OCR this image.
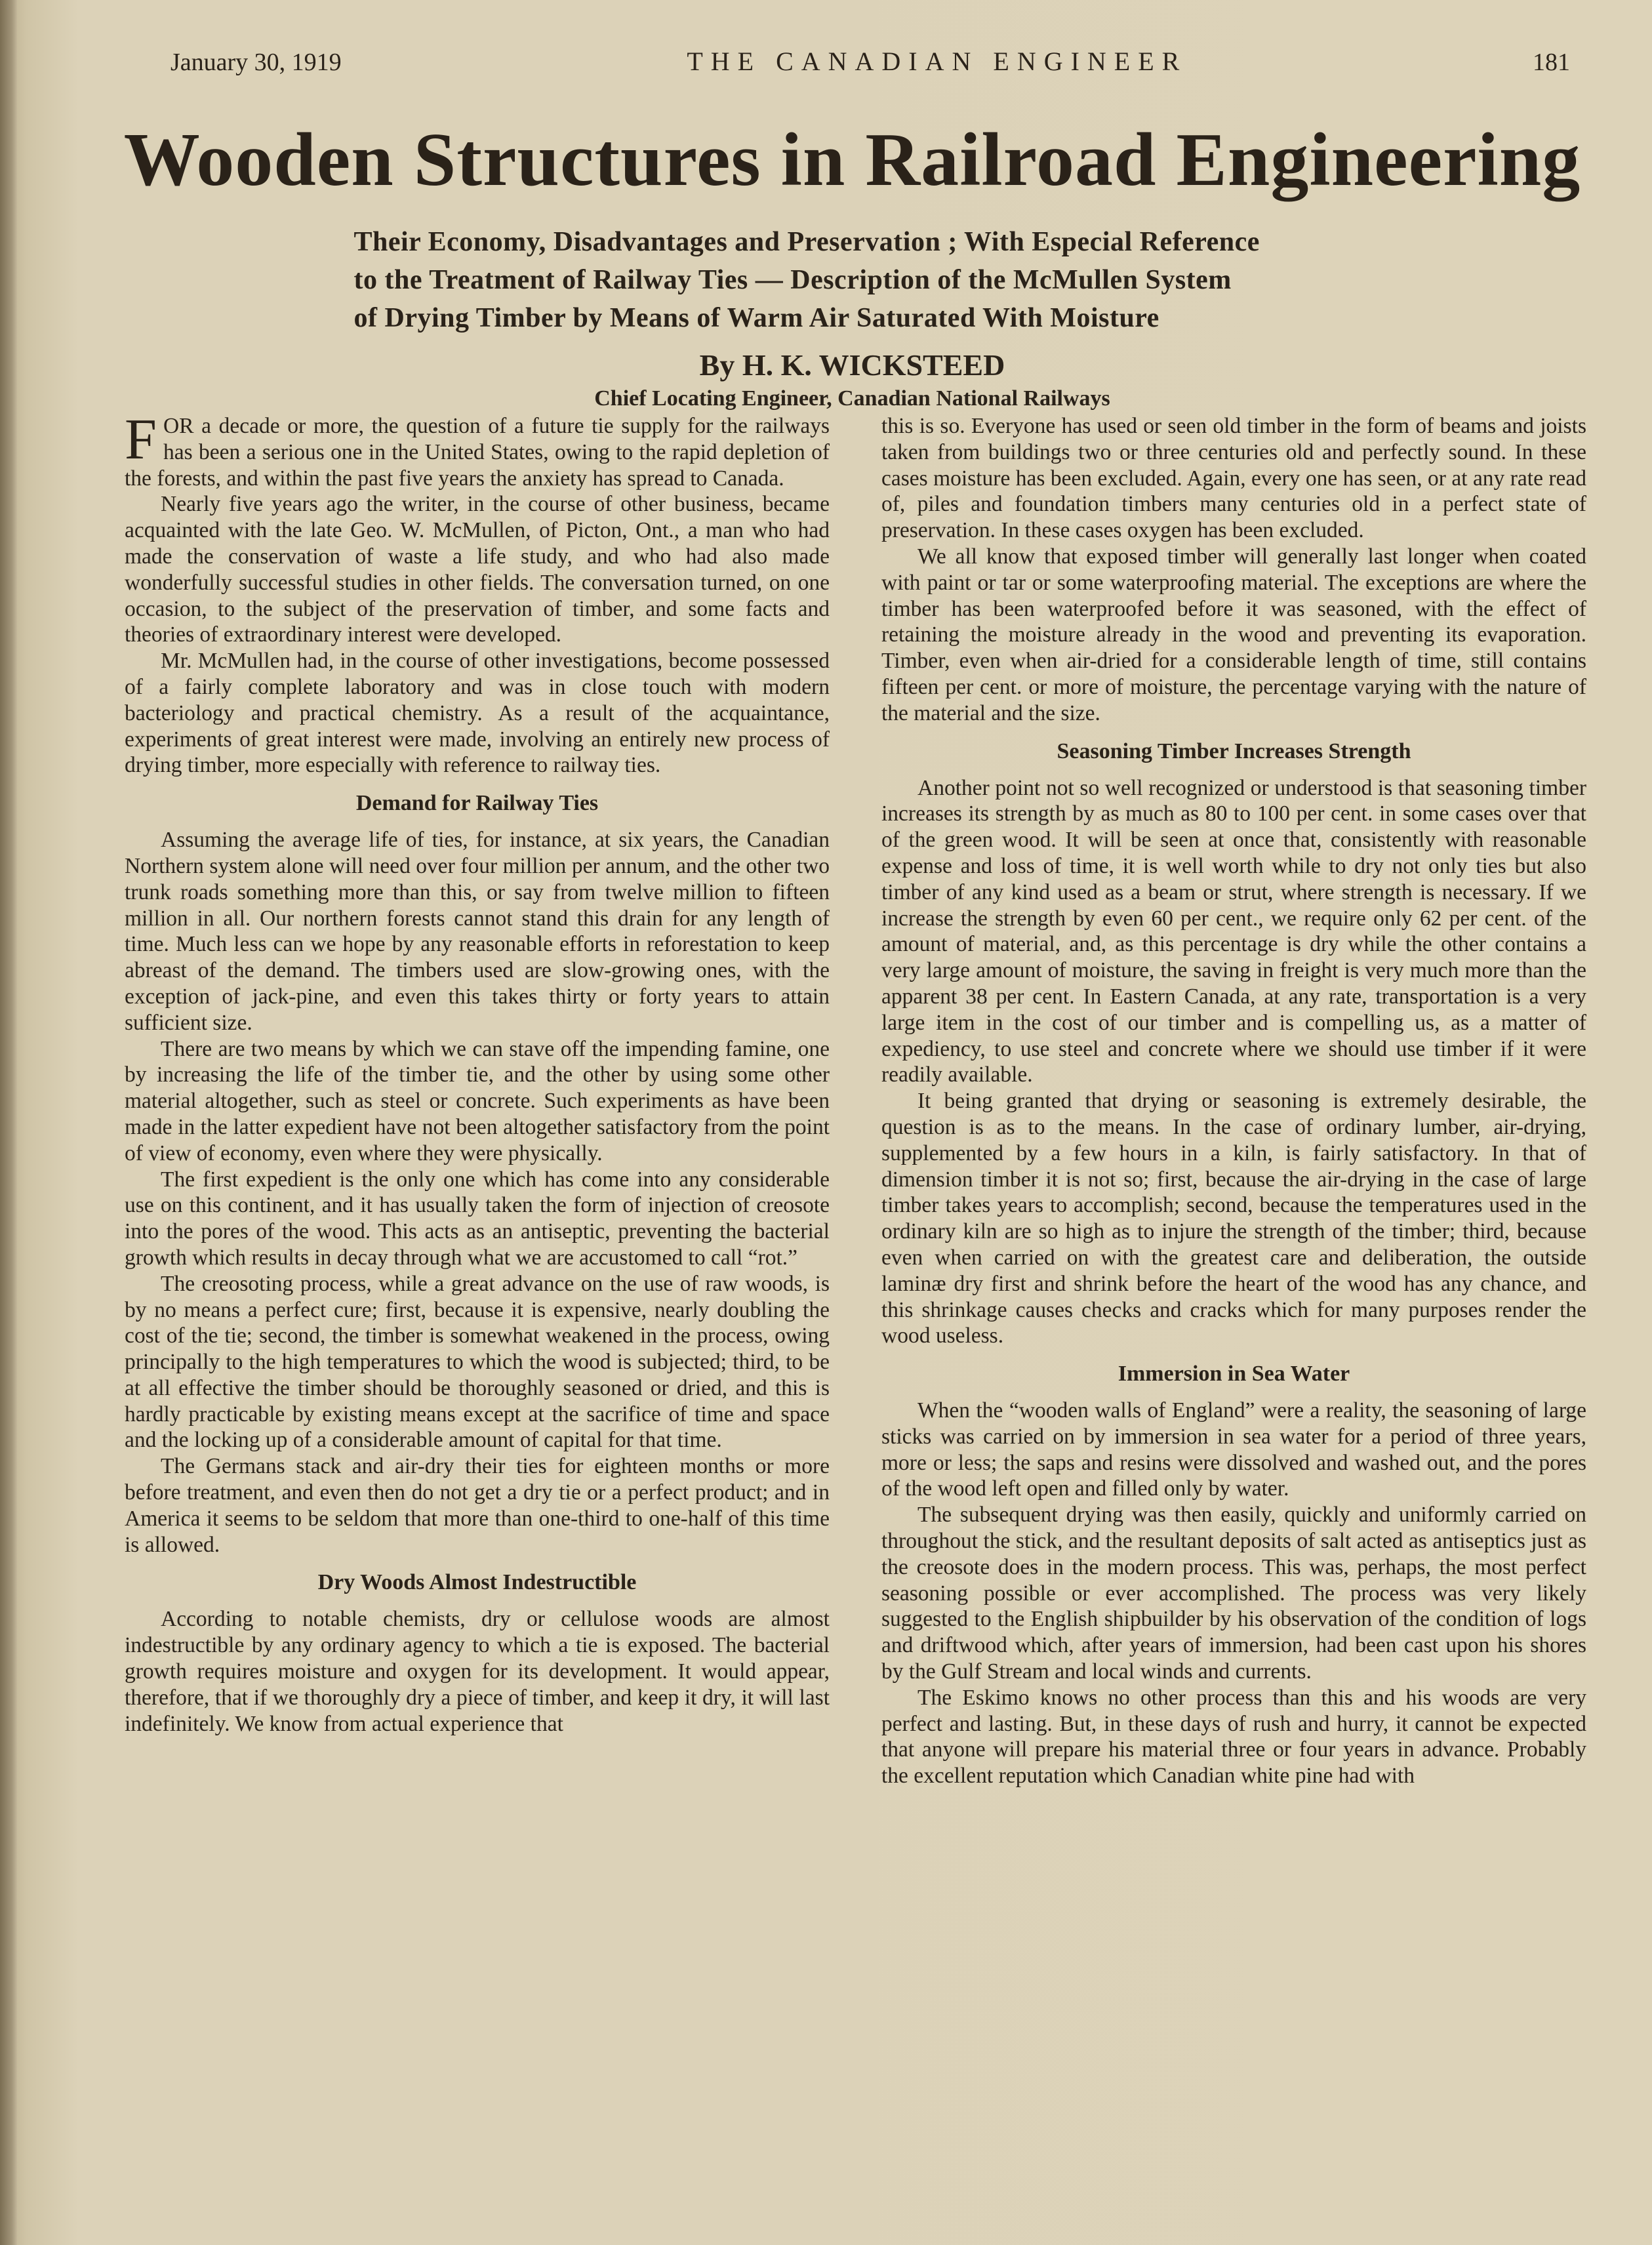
January 30, 1919	THE CANADIAN ENGINEER	181
Wooden Structures in Railroad Engineering
Their Economy, Disadvantages and Preservation ; With Especial Reference
to the Treatment of Railway Ties — Description of the McMullen System
of Drying Timber by Means of Warm Air Saturated With Moisture
By H. K. WICKSTEED
Chief Locating Engineer, Canadian National Railways

FOR a decade or more, the question of a future tie supply for the railways has been a serious one in the United States, owing to the rapid depletion of the forests, and within the past five years the anxiety has spread to Canada.

Nearly five years ago the writer, in the course of other business, became acquainted with the late Geo. W. McMullen, of Picton, Ont., a man who had made the conservation of waste a life study, and who had also made wonderfully successful studies in other fields. The conversation turned, on one occasion, to the subject of the preservation of timber, and some facts and theories of extraordinary interest were developed.

Mr. McMullen had, in the course of other investigations, become possessed of a fairly complete laboratory and was in close touch with modern bacteriology and practical chemistry. As a result of the acquaintance, experiments of great interest were made, involving an entirely new process of drying timber, more especially with reference to railway ties.

Demand for Railway Ties

Assuming the average life of ties, for instance, at six years, the Canadian Northern system alone will need over four million per annum, and the other two trunk roads something more than this, or say from twelve million to fifteen million in all. Our northern forests cannot stand this drain for any length of time. Much less can we hope by any reasonable efforts in reforestation to keep abreast of the demand. The timbers used are slow-growing ones, with the exception of jack-pine, and even this takes thirty or forty years to attain sufficient size.

There are two means by which we can stave off the impending famine, one by increasing the life of the timber tie, and the other by using some other material altogether, such as steel or concrete. Such experiments as have been made in the latter expedient have not been altogether satisfactory from the point of view of economy, even where they were physically.

The first expedient is the only one which has come into any considerable use on this continent, and it has usually taken the form of injection of creosote into the pores of the wood. This acts as an antiseptic, preventing the bacterial growth which results in decay through what we are accustomed to call “rot.”

The creosoting process, while a great advance on the use of raw woods, is by no means a perfect cure; first, because it is expensive, nearly doubling the cost of the tie; second, the timber is somewhat weakened in the process, owing principally to the high temperatures to which the wood is subjected; third, to be at all effective the timber should be thoroughly seasoned or dried, and this is hardly practicable by existing means except at the sacrifice of time and space and the locking up of a considerable amount of capital for that time.

The Germans stack and air-dry their ties for eighteen months or more before treatment, and even then do not get a dry tie or a perfect product; and in America it seems to be seldom that more than one-third to one-half of this time is allowed.

Dry Woods Almost Indestructible

According to notable chemists, dry or cellulose woods are almost indestructible by any ordinary agency to which a tie is exposed. The bacterial growth requires moisture and oxygen for its development. It would appear, therefore, that if we thoroughly dry a piece of timber, and keep it dry, it will last indefinitely. We know from actual experience that

this is so. Everyone has used or seen old timber in the form of beams and joists taken from buildings two or three centuries old and perfectly sound. In these cases moisture has been excluded. Again, every one has seen, or at any rate read of, piles and foundation timbers many centuries old in a perfect state of preservation. In these cases oxygen has been excluded.

We all know that exposed timber will generally last longer when coated with paint or tar or some waterproofing material. The exceptions are where the timber has been waterproofed before it was seasoned, with the effect of retaining the moisture already in the wood and preventing its evaporation. Timber, even when air-dried for a considerable length of time, still contains fifteen per cent. or more of moisture, the percentage varying with the nature of the material and the size.

Seasoning Timber Increases Strength

Another point not so well recognized or understood is that seasoning timber increases its strength by as much as 80 to 100 per cent. in some cases over that of the green wood. It will be seen at once that, consistently with reasonable expense and loss of time, it is well worth while to dry not only ties but also timber of any kind used as a beam or strut, where strength is necessary. If we increase the strength by even 60 per cent., we require only 62 per cent. of the amount of material, and, as this percentage is dry while the other contains a very large amount of moisture, the saving in freight is very much more than the apparent 38 per cent. In Eastern Canada, at any rate, transportation is a very large item in the cost of our timber and is compelling us, as a matter of expediency, to use steel and concrete where we should use timber if it were readily available.

It being granted that drying or seasoning is extremely desirable, the question is as to the means. In the case of ordinary lumber, air-drying, supplemented by a few hours in a kiln, is fairly satisfactory. In that of dimension timber it is not so; first, because the air-drying in the case of large timber takes years to accomplish; second, because the temperatures used in the ordinary kiln are so high as to injure the strength of the timber; third, because even when carried on with the greatest care and deliberation, the outside laminæ dry first and shrink before the heart of the wood has any chance, and this shrinkage causes checks and cracks which for many purposes render the wood useless.

Immersion in Sea Water

When the “wooden walls of England” were a reality, the seasoning of large sticks was carried on by immersion in sea water for a period of three years, more or less; the saps and resins were dissolved and washed out, and the pores of the wood left open and filled only by water.

The subsequent drying was then easily, quickly and uniformly carried on throughout the stick, and the resultant deposits of salt acted as antiseptics just as the creosote does in the modern process. This was, perhaps, the most perfect seasoning possible or ever accomplished. The process was very likely suggested to the English shipbuilder by his observation of the condition of logs and driftwood which, after years of immersion, had been cast upon his shores by the Gulf Stream and local winds and currents.

The Eskimo knows no other process than this and his woods are very perfect and lasting. But, in these days of rush and hurry, it cannot be expected that anyone will prepare his material three or four years in advance. Probably the excellent reputation which Canadian white pine had with
